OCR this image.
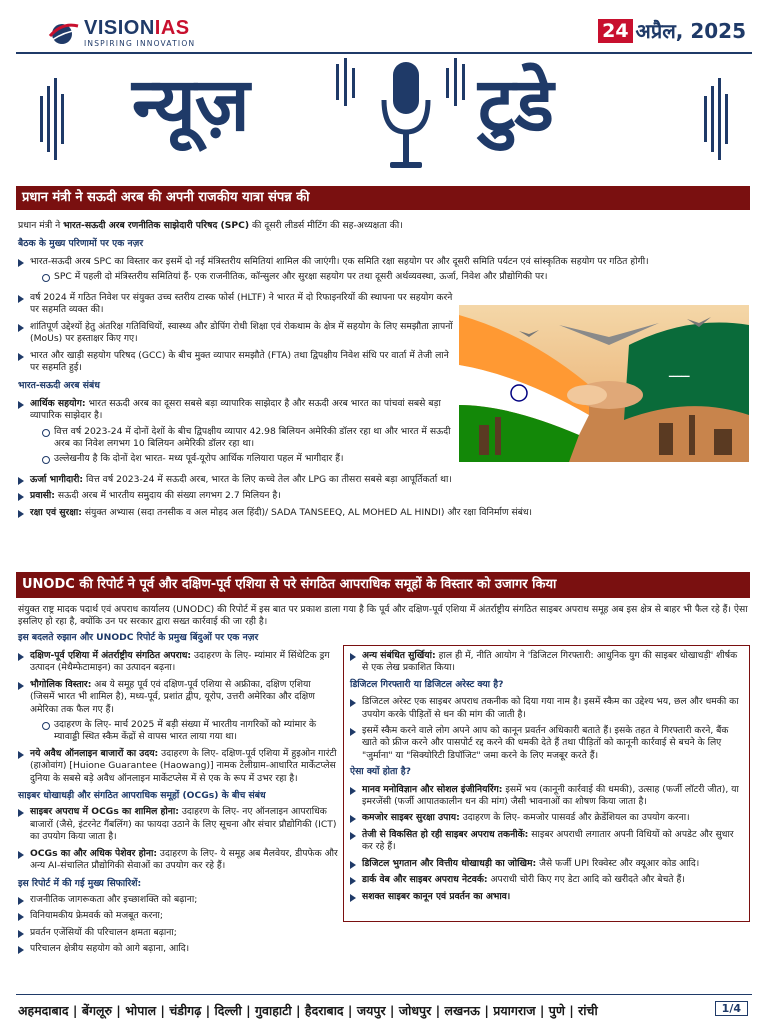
VISIONIAS
INSPIRING INNOVATION
24 अप्रैल, 2025
न्यूज़	टुडे
प्रधान मंत्री ने सऊदी अरब की अपनी राजकीय यात्रा संपन्न की
प्रधान मंत्री ने भारत-सऊदी अरब रणनीतिक साझेदारी परिषद (SPC) की दूसरी लीडर्स मीटिंग की सह-अध्यक्षता की।
बैठक के मुख्य परिणामों पर एक नज़र
भारत-सऊदी अरब SPC का विस्तार कर इसमें दो नई मंत्रिस्तरीय समितियां शामिल की जाएंगी। एक समिति रक्षा सहयोग पर और दूसरी समिति पर्यटन एवं सांस्कृतिक सहयोग पर गठित होगी।
SPC में पहली दो मंत्रिस्तरीय समितियां हैं- एक राजनीतिक, कॉन्सुलर और सुरक्षा सहयोग पर तथा दूसरी अर्थव्यवस्था, ऊर्जा, निवेश और प्रौद्योगिकी पर।
वर्ष 2024 में गठित निवेश पर संयुक्त उच्च स्तरीय टास्क फोर्स (HLTF) ने भारत में दो रिफाइनरियों की स्थापना पर सहयोग करने पर सहमति व्यक्त की।
शांतिपूर्ण उद्देश्यों हेतु अंतरिक्ष गतिविधियों, स्वास्थ्य और डोपिंग रोधी शिक्षा एवं रोकथाम के क्षेत्र में सहयोग के लिए समझौता ज्ञापनों (MoUs) पर हस्ताक्षर किए गए।
भारत और खाड़ी सहयोग परिषद (GCC) के बीच मुक्त व्यापार समझौते (FTA) तथा द्विपक्षीय निवेश संधि पर वार्ता में तेजी लाने पर सहमति हुई।
भारत-सऊदी अरब संबंध
आर्थिक सहयोग: भारत सऊदी अरब का दूसरा सबसे बड़ा व्यापारिक साझेदार है और सऊदी अरब भारत का पांचवां सबसे बड़ा व्यापारिक साझेदार है।
वित्त वर्ष 2023-24 में दोनों देशों के बीच द्विपक्षीय व्यापार 42.98 बिलियन अमेरिकी डॉलर रहा था और भारत में सऊदी अरब का निवेश लगभग 10 बिलियन अमेरिकी डॉलर रहा था।
उल्लेखनीय है कि दोनों देश भारत- मध्य पूर्व-यूरोप आर्थिक गलियारा पहल में भागीदार हैं।
ऊर्जा भागीदारी: वित्त वर्ष 2023-24 में सऊदी अरब, भारत के लिए कच्चे तेल और LPG का तीसरा सबसे बड़ा आपूर्तिकर्ता था।
प्रवासी: सऊदी अरब में भारतीय समुदाय की संख्या लगभग 2.7 मिलियन है।
रक्षा एवं सुरक्षा: संयुक्त अभ्यास (सदा तनसीक व अल मोहद अल हिंदी)/ SADA TANSEEQ, AL MOHED AL HINDI) और रक्षा विनिर्माण संबंध।
ـــــ
UNODC की रिपोर्ट ने पूर्व और दक्षिण-पूर्व एशिया से परे संगठित आपराधिक समूहों के विस्तार को उजागर किया
संयुक्त राष्ट्र मादक पदार्थ एवं अपराध कार्यालय (UNODC) की रिपोर्ट में इस बात पर प्रकाश डाला गया है कि पूर्व और दक्षिण-पूर्व एशिया में अंतर्राष्ट्रीय संगठित साइबर अपराध समूह अब इस क्षेत्र से बाहर भी फैल रहे हैं। ऐसा इसलिए हो रहा है, क्योंकि उन पर सरकार द्वारा सख्त कार्रवाई की जा रही है।
इस बदलते रुझान और UNODC रिपोर्ट के प्रमुख बिंदुओं पर एक नज़र
दक्षिण-पूर्व एशिया में अंतर्राष्ट्रीय संगठित अपराध: उदाहरण के लिए- म्यांमार में सिंथेटिक ड्रग उत्पादन (मेथैम्फेटामाइन) का उत्पादन बढ़ना।
भौगोलिक विस्तार: अब ये समूह पूर्व एवं दक्षिण-पूर्व एशिया से अफ्रीका, दक्षिण एशिया (जिसमें भारत भी शामिल है), मध्य-पूर्व, प्रशांत द्वीप, यूरोप, उत्तरी अमेरिका और दक्षिण अमेरिका तक फैल गए हैं।
उदाहरण के लिए- मार्च 2025 में बड़ी संख्या में भारतीय नागरिकों को म्यांमार के म्यावाड्डी स्थित स्कैम केंद्रों से वापस भारत लाया गया था।
नये अवैध ऑनलाइन बाजारों का उदय: उदाहरण के लिए- दक्षिण-पूर्व एशिया में हुइओन गारंटी (हाओवांग) [Huione Guarantee (Haowang)] नामक टेलीग्राम-आधारित मार्केटप्लेस दुनिया के सबसे बड़े अवैध ऑनलाइन मार्केटप्लेस में से एक के रूप में उभर रहा है।
साइबर धोखाधड़ी और संगठित आपराधिक समूहों (OCGs) के बीच संबंध
साइबर अपराध में OCGs का शामिल होना: उदाहरण के लिए- नए ऑनलाइन आपराधिक बाजारों (जैसे, इंटरनेट गैंबलिंग) का फायदा उठाने के लिए सूचना और संचार प्रौद्योगिकी (ICT) का उपयोग किया जाता है।
OCGs का और अधिक पेशेवर होना: उदाहरण के लिए- ये समूह अब मैलवेयर, डीपफेक और अन्य AI-संचालित प्रौद्योगिकी सेवाओं का उपयोग कर रहे हैं।
इस रिपोर्ट में की गई मुख्य सिफारिशें:
राजनीतिक जागरूकता और इच्छाशक्ति को बढ़ाना;
विनियामकीय फ्रेमवर्क को मजबूत करना;
प्रवर्तन एजेंसियों की परिचालन क्षमता बढ़ाना;
परिचालन क्षेत्रीय सहयोग को आगे बढ़ाना, आदि।
अन्य संबंधित सुर्खियां: हाल ही में, नीति आयोग ने 'डिजिटल गिरफ्तारी: आधुनिक युग की साइबर धोखाधड़ी' शीर्षक से एक लेख प्रकाशित किया।
डिजिटल गिरफ्तारी या डिजिटल अरेस्ट क्या है?
डिजिटल अरेस्ट एक साइबर अपराध तकनीक को दिया गया नाम है। इसमें स्कैम का उद्देश्य भय, छल और धमकी का उपयोग करके पीड़ितों से धन की मांग की जाती है।
इसमें स्कैम करने वाले लोग अपने आप को कानून प्रवर्तन अधिकारी बताते हैं। इसके तहत वे गिरफ्तारी करने, बैंक खाते को फ्रीज करने और पासपोर्ट रद्द करने की धमकी देते हैं तथा पीड़ितों को कानूनी कार्रवाई से बचने के लिए "जुर्माना" या "सिक्योरिटी डिपॉजिट" जमा करने के लिए मजबूर करते हैं।
ऐसा क्यों होता है?
मानव मनोविज्ञान और सोशल इंजीनियरिंग: इसमें भय (कानूनी कार्रवाई की धमकी), उत्साह (फर्जी लॉटरी जीत), या इमरजेंसी (फर्जी आपातकालीन धन की मांग) जैसी भावनाओं का शोषण किया जाता है।
कमजोर साइबर सुरक्षा उपाय: उदाहरण के लिए- कमजोर पासवर्ड और क्रेडेंशियल का उपयोग करना।
तेजी से विकसित हो रही साइबर अपराध तकनीकें: साइबर अपराधी लगातार अपनी विधियों को अपडेट और सुधार कर रहे हैं।
डिजिटल भुगतान और वित्तीय धोखाधड़ी का जोखिम: जैसे फर्जी UPI रिक्वेस्ट और क्यूआर कोड आदि।
डार्क वेब और साइबर अपराध नेटवर्क: अपराधी चोरी किए गए डेटा आदि को खरीदते और बेचते हैं।
सशक्त साइबर कानून एवं प्रवर्तन का अभाव।
अहमदाबाद | बेंगलूरु | भोपाल | चंडीगढ़ | दिल्ली | गुवाहाटी | हैदराबाद | जयपुर | जोधपुर | लखनऊ | प्रयागराज | पुणे | रांची	1/4
